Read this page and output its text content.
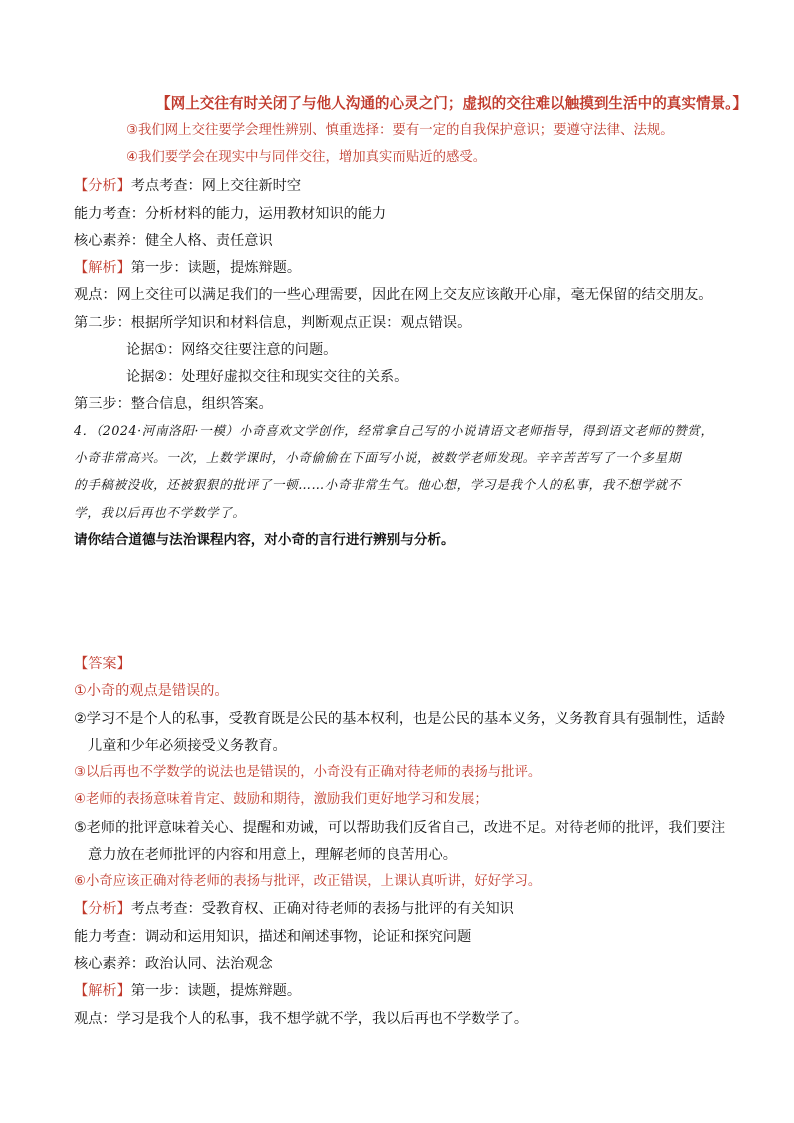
【网上交往有时关闭了与他人沟通的心灵之门；虚拟的交往难以触摸到生活中的真实情景。】
③我们网上交往要学会理性辨别、慎重选择：要有一定的自我保护意识；要遵守法律、法规。
④我们要学会在现实中与同伴交往，增加真实而贴近的感受。
【分析】考点考查：网上交往新时空
能力考查：分析材料的能力，运用教材知识的能力
核心素养：健全人格、责任意识
【解析】第一步：读题，提炼辩题。
观点：网上交往可以满足我们的一些心理需要，因此在网上交友应该敞开心扉，毫无保留的结交朋友。
第二步：根据所学知识和材料信息，判断观点正误：观点错误。
论据①：网络交往要注意的问题。
论据②：处理好虚拟交往和现实交往的关系。
第三步：整合信息，组织答案。
4．（2024·河南洛阳·一模）小奇喜欢文学创作，经常拿自己写的小说请语文老师指导，得到语文老师的赞赏，
小奇非常高兴。一次，上数学课时，小奇偷偷在下面写小说，被数学老师发现。辛辛苦苦写了一个多星期
的手稿被没收，还被狠狠的批评了一顿……小奇非常生气。他心想，学习是我个人的私事，我不想学就不
学，我以后再也不学数学了。
请你结合道德与法治课程内容，对小奇的言行进行辨别与分析。
【答案】
①小奇的观点是错误的。
②学习不是个人的私事，受教育既是公民的基本权利，也是公民的基本义务，义务教育具有强制性，适龄
儿童和少年必须接受义务教育。
③以后再也不学数学的说法也是错误的，小奇没有正确对待老师的表扬与批评。
④老师的表扬意味着肯定、鼓励和期待，激励我们更好地学习和发展；
⑤老师的批评意味着关心、提醒和劝诫，可以帮助我们反省自己，改进不足。对待老师的批评，我们要注
意力放在老师批评的内容和用意上，理解老师的良苦用心。
⑥小奇应该正确对待老师的表扬与批评，改正错误，上课认真听讲，好好学习。
【分析】考点考查：受教育权、正确对待老师的表扬与批评的有关知识
能力考查：调动和运用知识，描述和阐述事物，论证和探究问题
核心素养：政治认同、法治观念
【解析】第一步：读题，提炼辩题。
观点：学习是我个人的私事，我不想学就不学，我以后再也不学数学了。
